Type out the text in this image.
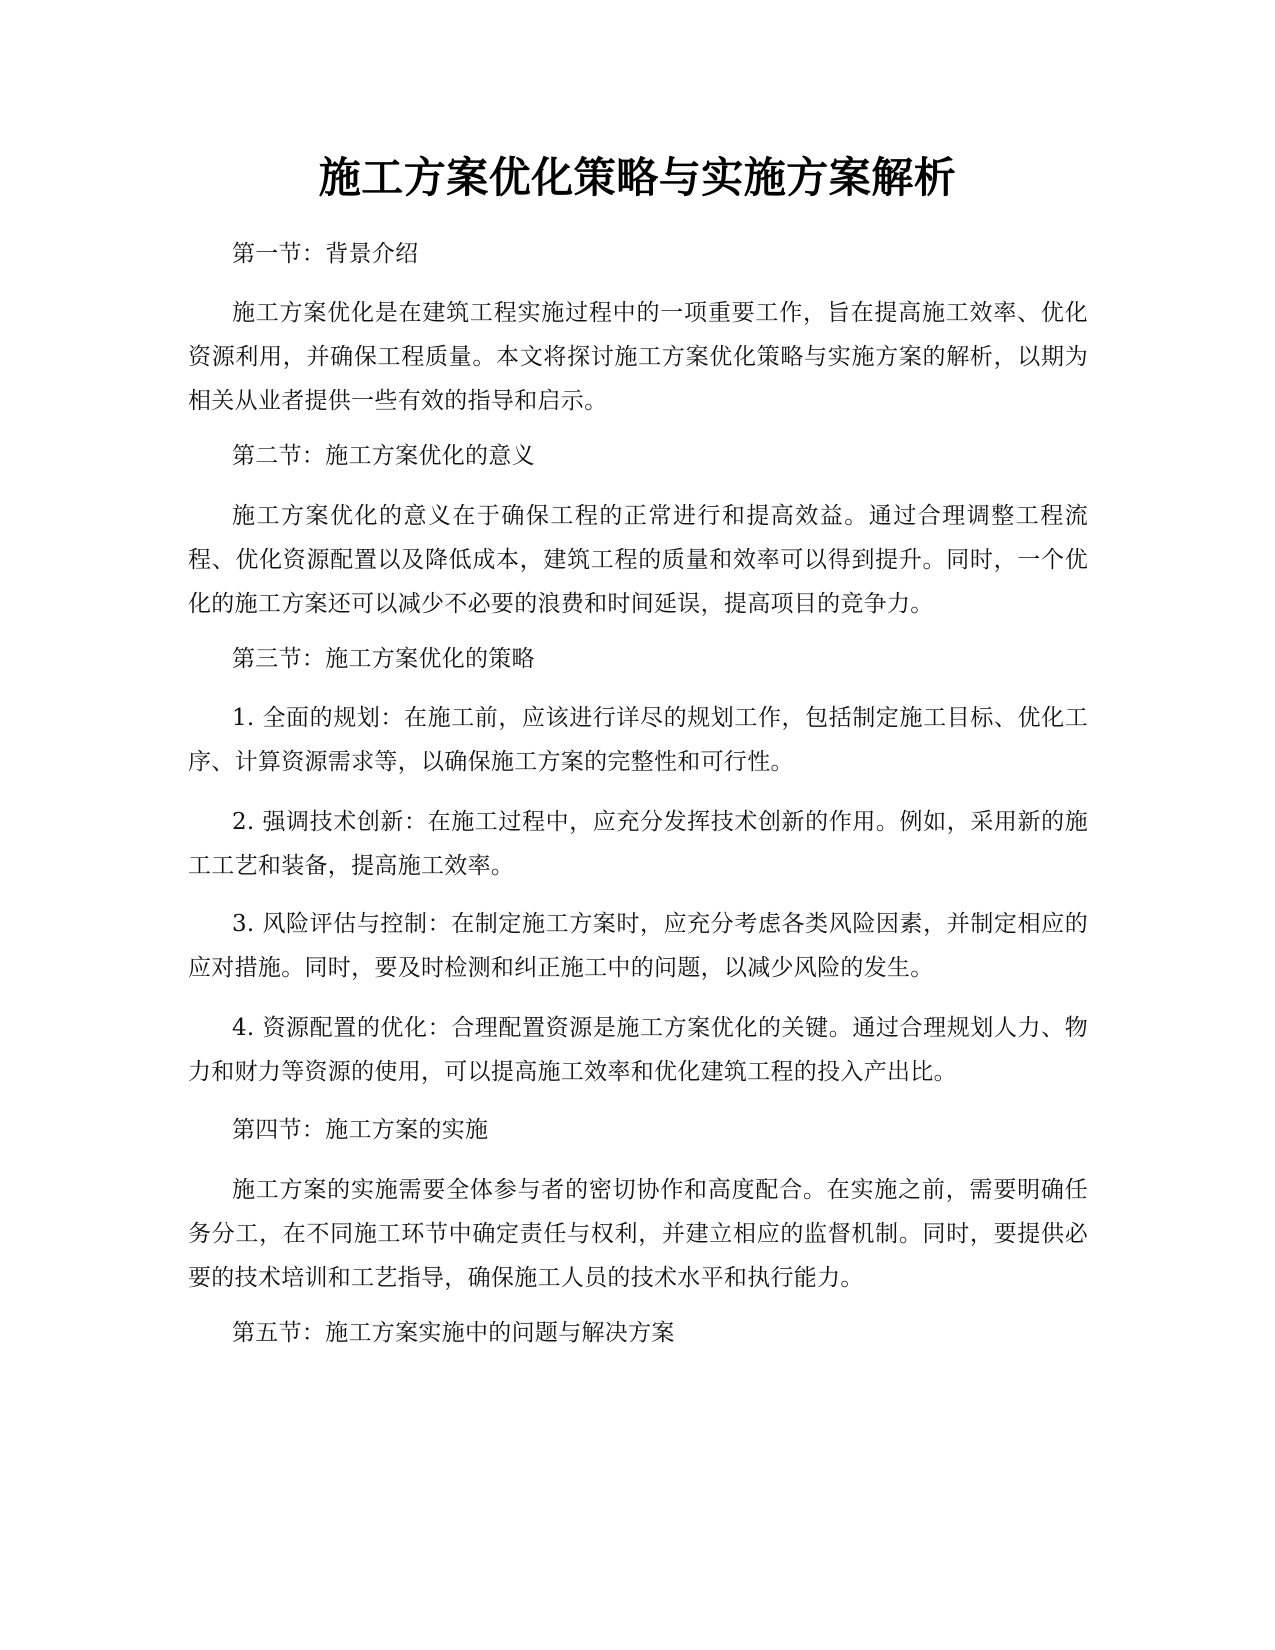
施工方案优化策略与实施方案解析

第一节：背景介绍

施工方案优化是在建筑工程实施过程中的一项重要工作，旨在提高施工效率、优化资源利用，并确保工程质量。本文将探讨施工方案优化策略与实施方案的解析，以期为相关从业者提供一些有效的指导和启示。

第二节：施工方案优化的意义

施工方案优化的意义在于确保工程的正常进行和提高效益。通过合理调整工程流程、优化资源配置以及降低成本，建筑工程的质量和效率可以得到提升。同时，一个优化的施工方案还可以减少不必要的浪费和时间延误，提高项目的竞争力。

第三节：施工方案优化的策略

1. 全面的规划：在施工前，应该进行详尽的规划工作，包括制定施工目标、优化工序、计算资源需求等，以确保施工方案的完整性和可行性。

2. 强调技术创新：在施工过程中，应充分发挥技术创新的作用。例如，采用新的施工工艺和装备，提高施工效率。

3. 风险评估与控制：在制定施工方案时，应充分考虑各类风险因素，并制定相应的应对措施。同时，要及时检测和纠正施工中的问题，以减少风险的发生。

4. 资源配置的优化：合理配置资源是施工方案优化的关键。通过合理规划人力、物力和财力等资源的使用，可以提高施工效率和优化建筑工程的投入产出比。

第四节：施工方案的实施

施工方案的实施需要全体参与者的密切协作和高度配合。在实施之前，需要明确任务分工，在不同施工环节中确定责任与权利，并建立相应的监督机制。同时，要提供必要的技术培训和工艺指导，确保施工人员的技术水平和执行能力。

第五节：施工方案实施中的问题与解决方案
